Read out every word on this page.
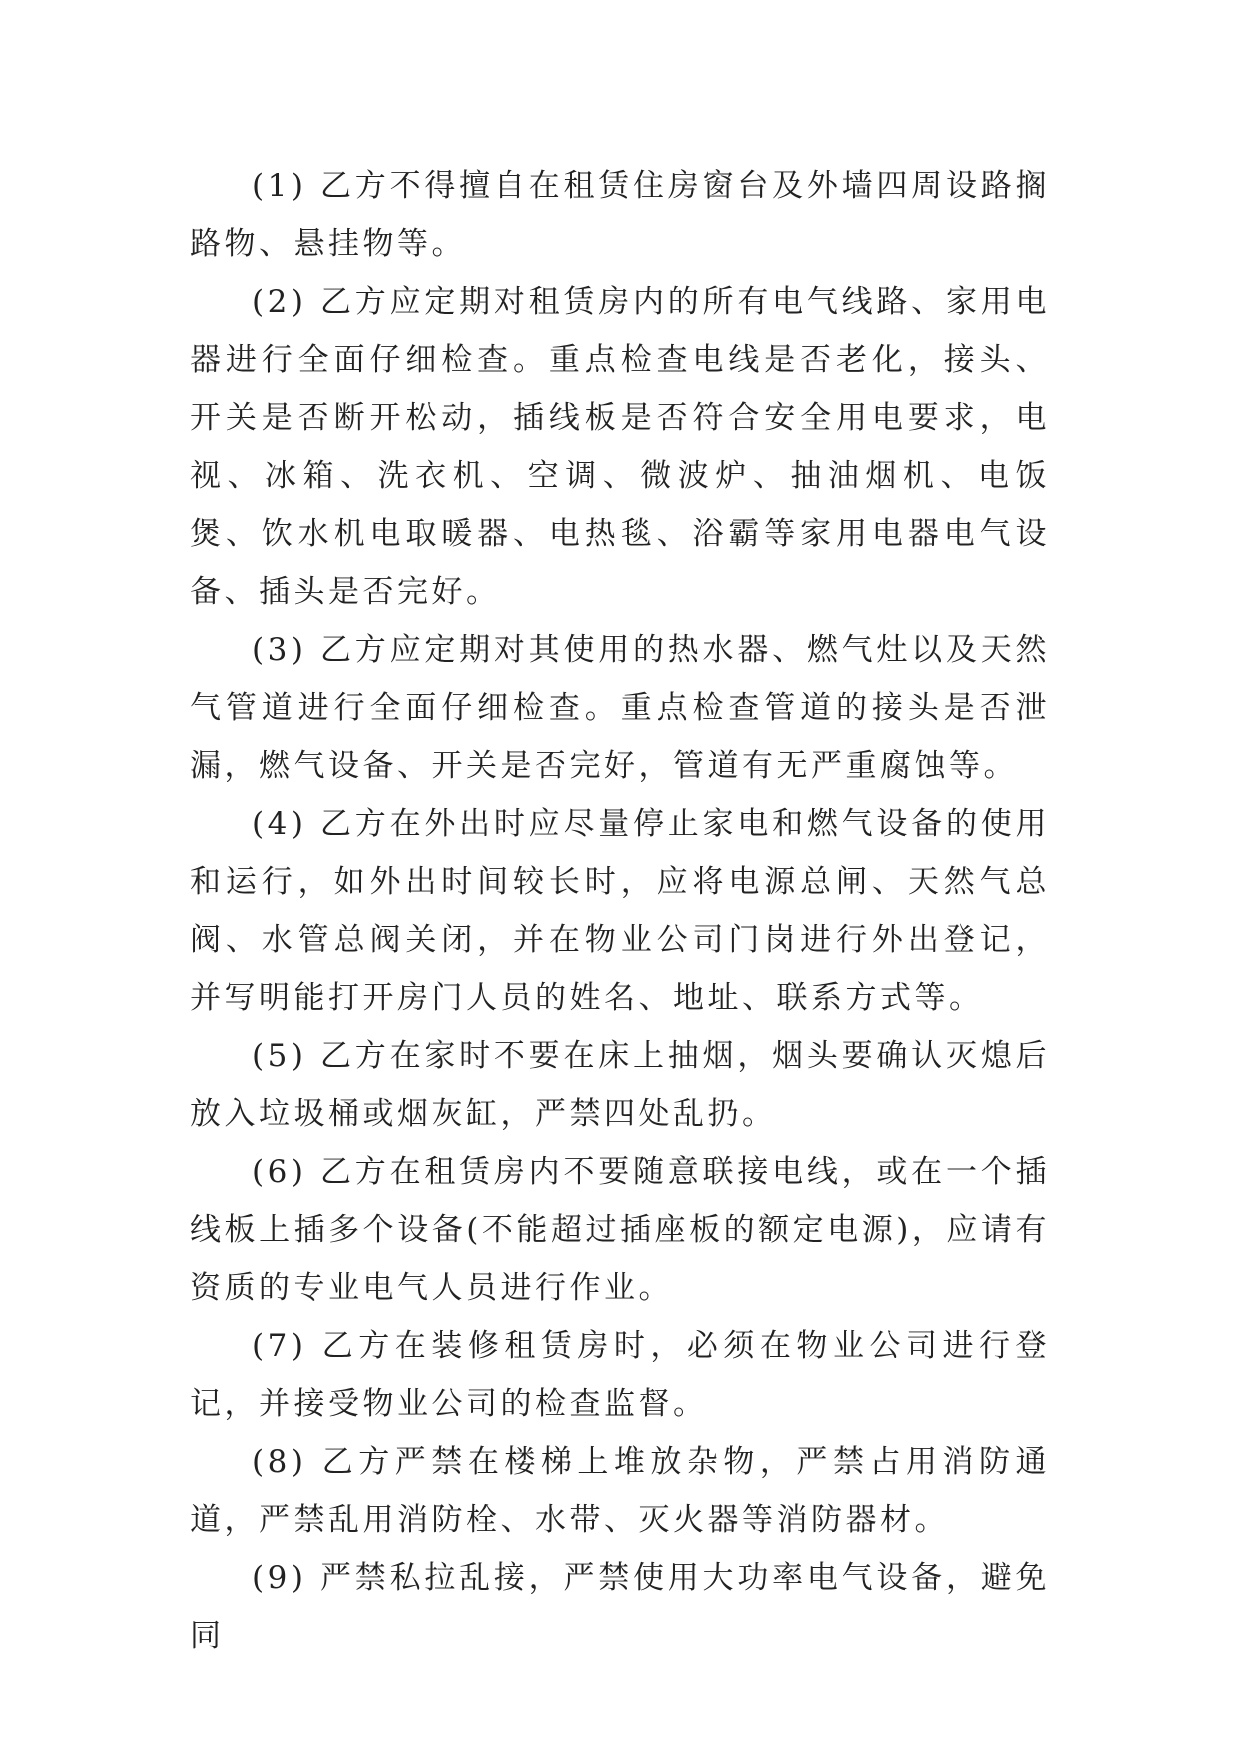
(1) 乙方不得擅自在租赁住房窗台及外墙四周设路搁路物、悬挂物等。

(2) 乙方应定期对租赁房内的所有电气线路、家用电器进行全面仔细检查。重点检查电线是否老化，接头、开关是否断开松动，插线板是否符合安全用电要求，电视、冰箱、洗衣机、空调、微波炉、抽油烟机、电饭煲、饮水机电取暖器、电热毯、浴霸等家用电器电气设备、插头是否完好。

(3) 乙方应定期对其使用的热水器、燃气灶以及天然气管道进行全面仔细检查。重点检查管道的接头是否泄漏，燃气设备、开关是否完好，管道有无严重腐蚀等。

(4) 乙方在外出时应尽量停止家电和燃气设备的使用和运行，如外出时间较长时，应将电源总闸、天然气总阀、水管总阀关闭，并在物业公司门岗进行外出登记，并写明能打开房门人员的姓名、地址、联系方式等。

(5) 乙方在家时不要在床上抽烟，烟头要确认灭熄后放入垃圾桶或烟灰缸，严禁四处乱扔。

(6) 乙方在租赁房内不要随意联接电线，或在一个插线板上插多个设备(不能超过插座板的额定电源)，应请有资质的专业电气人员进行作业。

(7) 乙方在装修租赁房时，必须在物业公司进行登记，并接受物业公司的检查监督。

(8) 乙方严禁在楼梯上堆放杂物，严禁占用消防通道，严禁乱用消防栓、水带、灭火器等消防器材。

(9) 严禁私拉乱接，严禁使用大功率电气设备，避免同
